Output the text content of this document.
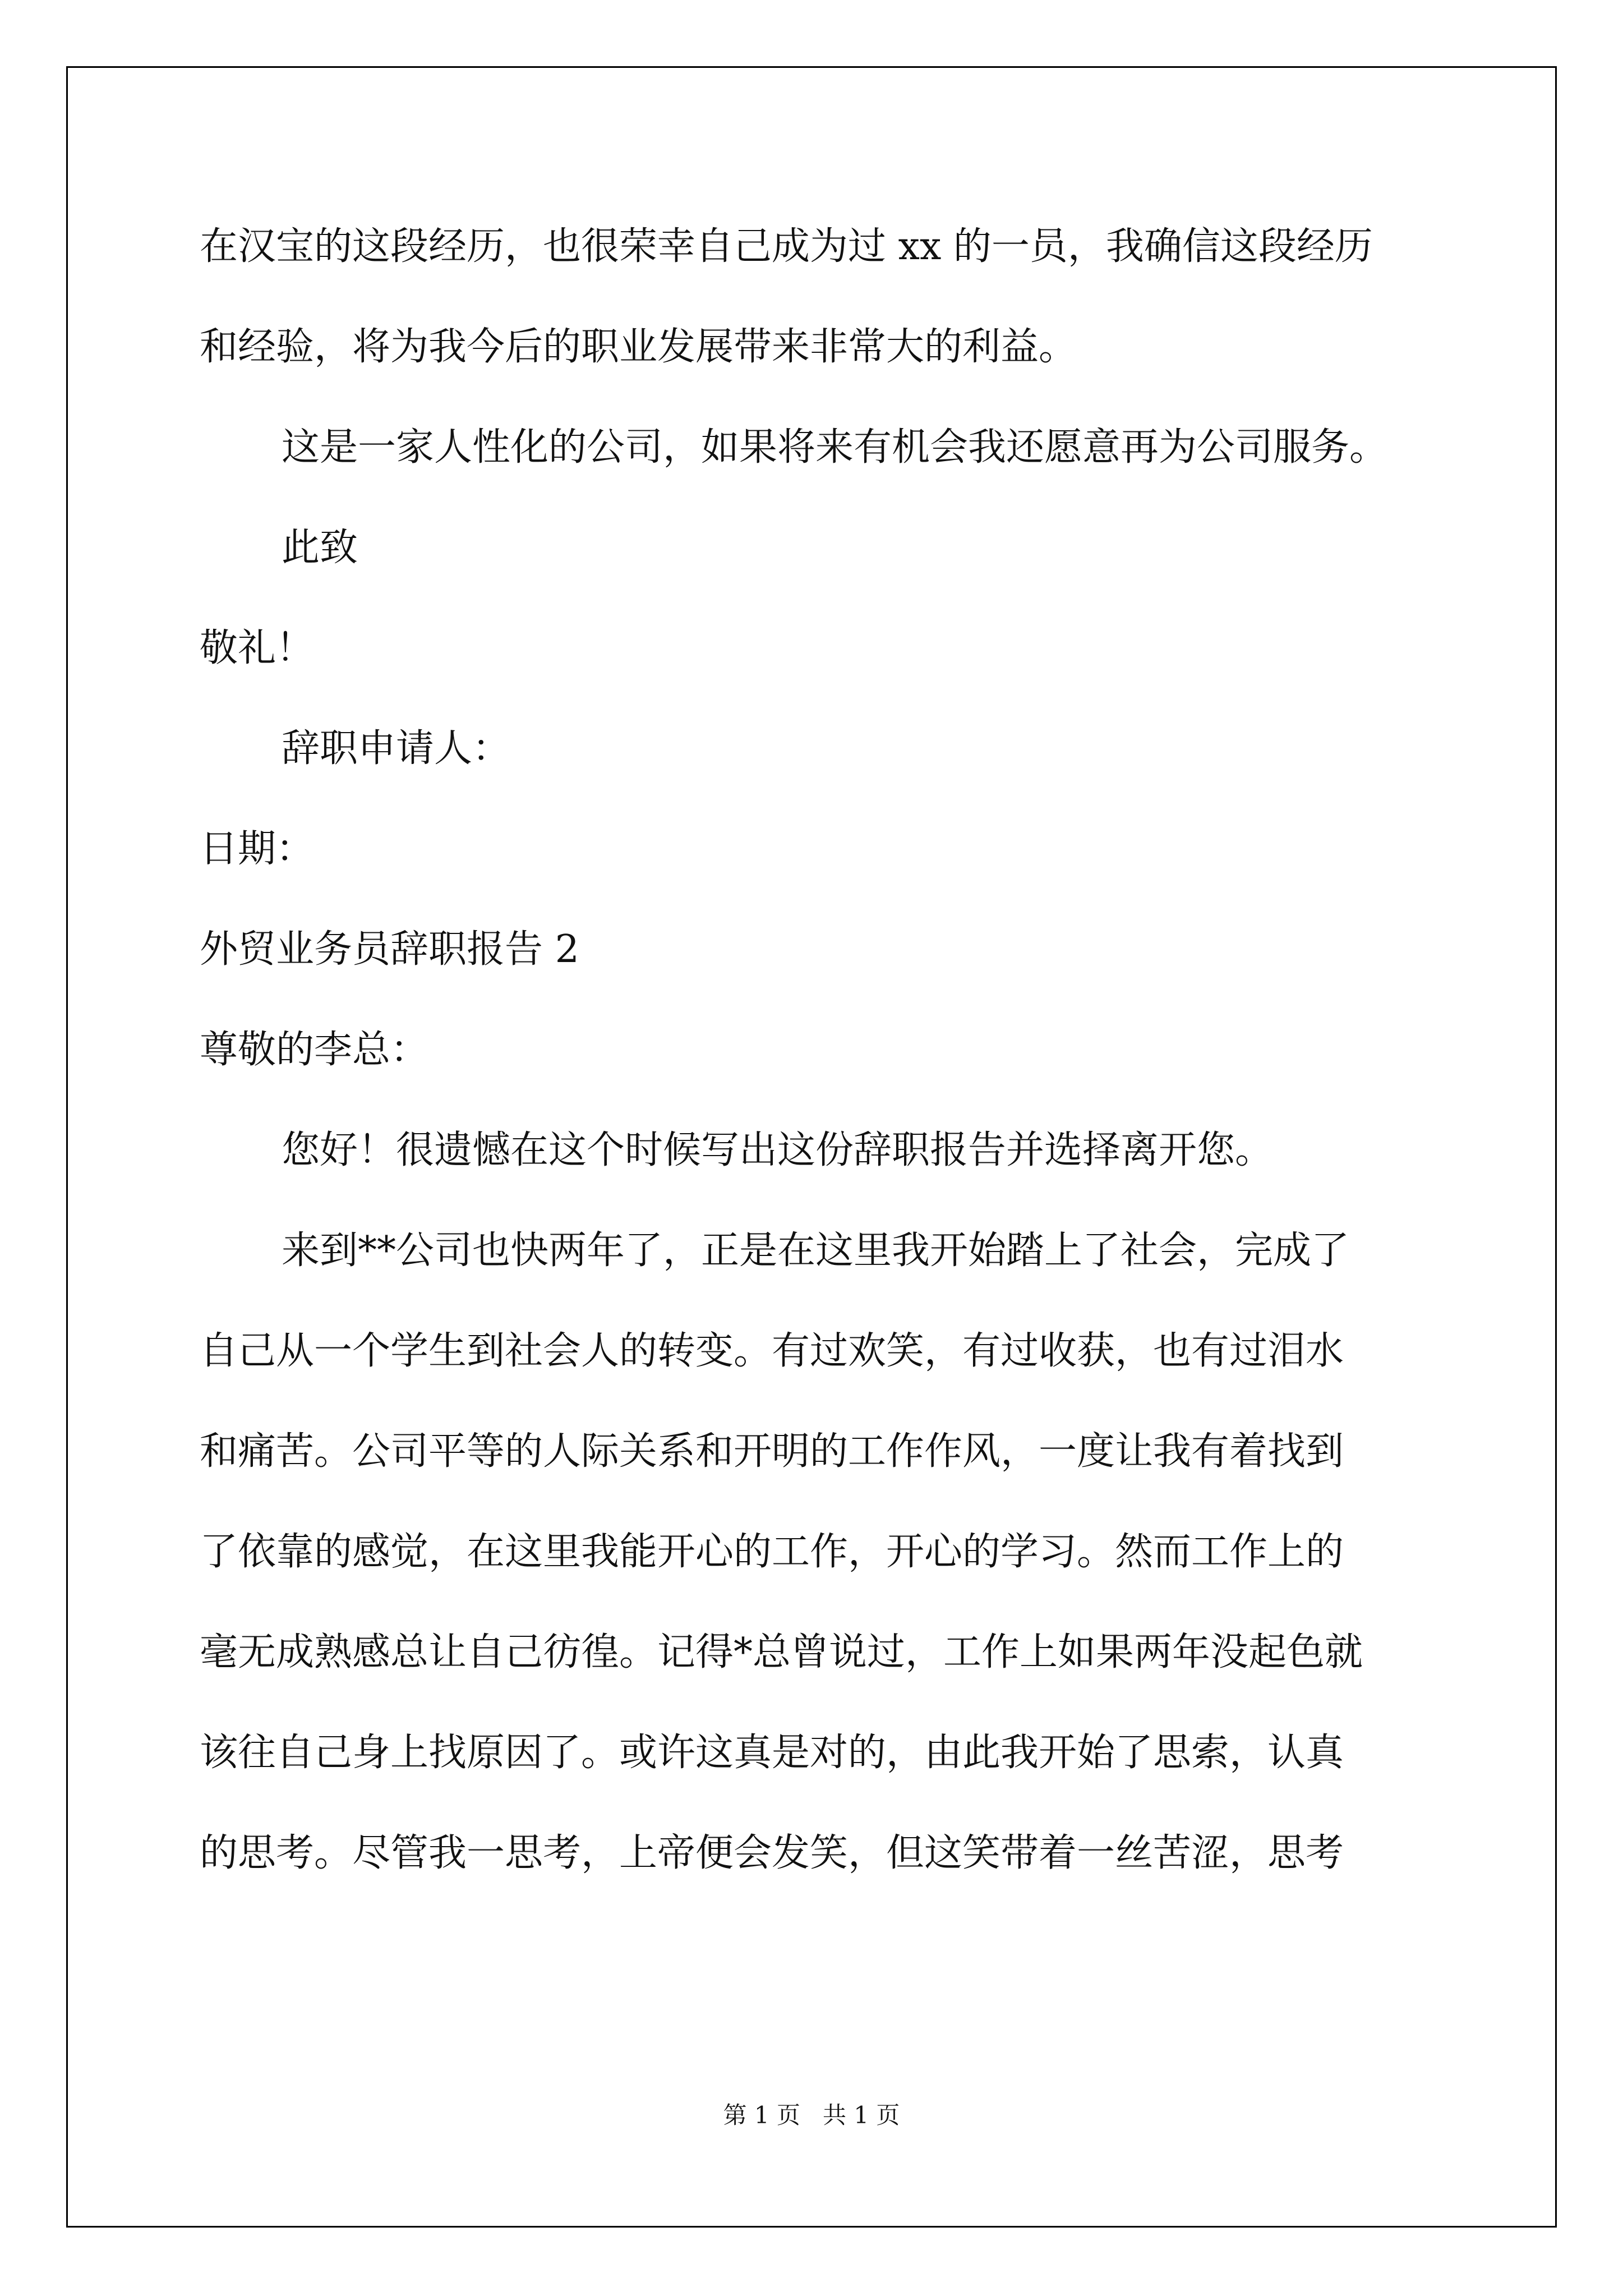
在汉宝的这段经历，也很荣幸自己成为过 xx 的一员，我确信这段经历
和经验，将为我今后的职业发展带来非常大的利益。
这是一家人性化的公司，如果将来有机会我还愿意再为公司服务。
此致
敬礼！
辞职申请人：
日期：
外贸业务员辞职报告 2
尊敬的李总：
您好！很遗憾在这个时候写出这份辞职报告并选择离开您。
来到**公司也快两年了，正是在这里我开始踏上了社会，完成了
自己从一个学生到社会人的转变。有过欢笑，有过收获，也有过泪水
和痛苦。公司平等的人际关系和开明的工作作风，一度让我有着找到
了依靠的感觉，在这里我能开心的工作，开心的学习。然而工作上的
毫无成熟感总让自己彷徨。记得*总曾说过，工作上如果两年没起色就
该往自己身上找原因了。或许这真是对的，由此我开始了思索，认真
的思考。尽管我一思考，上帝便会发笑，但这笑带着一丝苦涩，思考
第 1 页 共 1 页
